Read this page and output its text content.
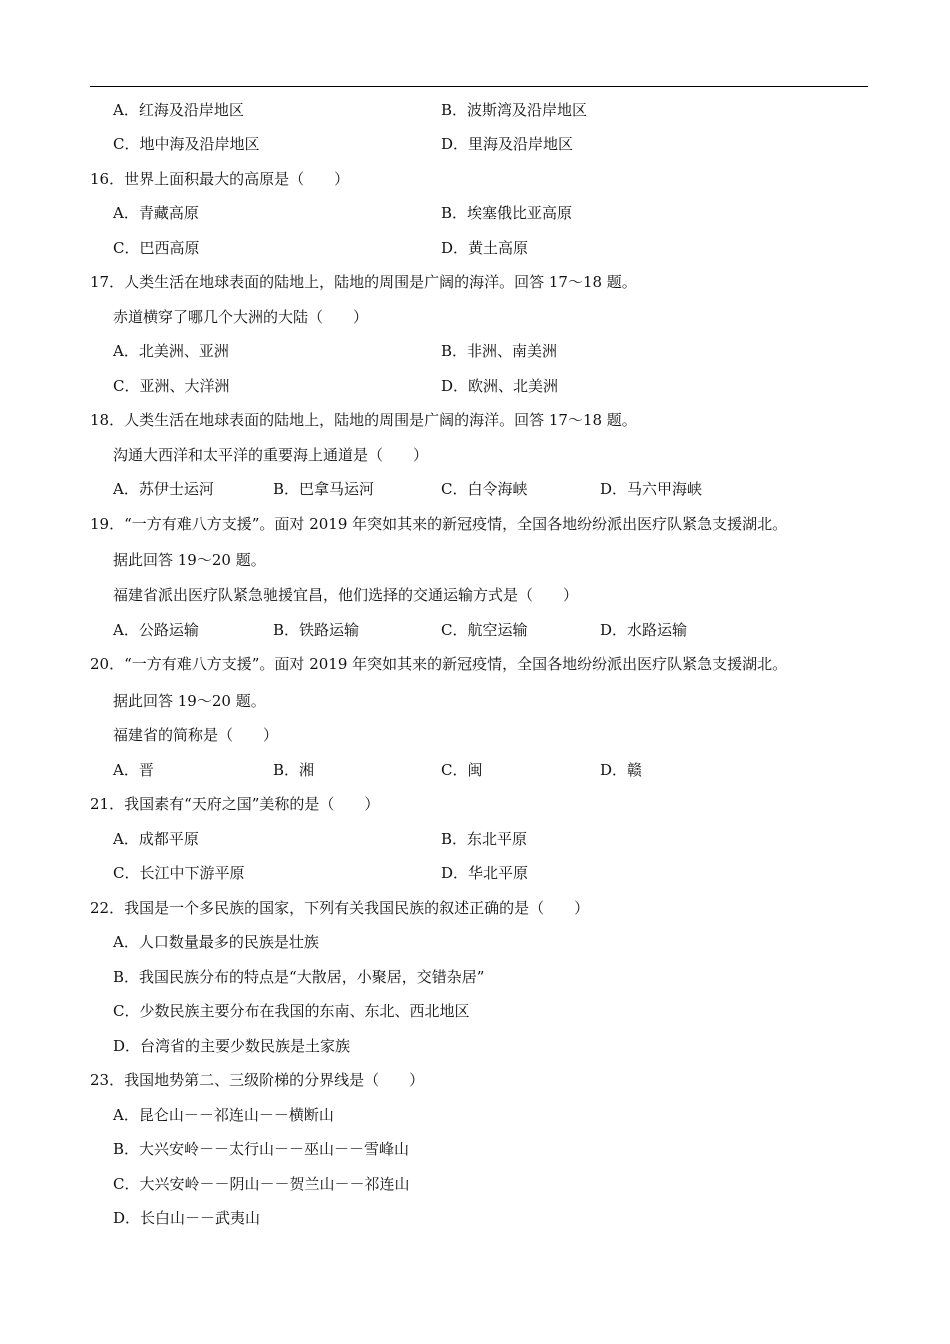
A．红海及沿岸地区	B．波斯湾及沿岸地区
C．地中海及沿岸地区	D．里海及沿岸地区
16．世界上面积最大的高原是（　　）
A．青藏高原	B．埃塞俄比亚高原
C．巴西高原	D．黄土高原
17．人类生活在地球表面的陆地上，陆地的周围是广阔的海洋。回答 17～18 题。
赤道横穿了哪几个大洲的大陆（　　）
A．北美洲、亚洲	B．非洲、南美洲
C．亚洲、大洋洲	D．欧洲、北美洲
18．人类生活在地球表面的陆地上，陆地的周围是广阔的海洋。回答 17～18 题。
沟通大西洋和太平洋的重要海上通道是（　　）
A．苏伊士运河	B．巴拿马运河	C．白令海峡	D．马六甲海峡
19．“一方有难八方支援”。面对 2019 年突如其来的新冠疫情，全国各地纷纷派出医疗队紧急支援湖北。
据此回答 19～20 题。
福建省派出医疗队紧急驰援宜昌，他们选择的交通运输方式是（　　）
A．公路运输	B．铁路运输	C．航空运输	D．水路运输
20．“一方有难八方支援”。面对 2019 年突如其来的新冠疫情，全国各地纷纷派出医疗队紧急支援湖北。
据此回答 19～20 题。
福建省的简称是（　　）
A．晋	B．湘	C．闽	D．赣
21．我国素有“天府之国”美称的是（　　）
A．成都平原	B．东北平原
C．长江中下游平原	D．华北平原
22．我国是一个多民族的国家，下列有关我国民族的叙述正确的是（　　）
A．人口数量最多的民族是壮族
B．我国民族分布的特点是“大散居，小聚居，交错杂居”
C．少数民族主要分布在我国的东南、东北、西北地区
D．台湾省的主要少数民族是土家族
23．我国地势第二、三级阶梯的分界线是（　　）
A．昆仑山－－祁连山－－横断山
B．大兴安岭－－太行山－－巫山－－雪峰山
C．大兴安岭－－阴山－－贺兰山－－祁连山
D．长白山－－武夷山
